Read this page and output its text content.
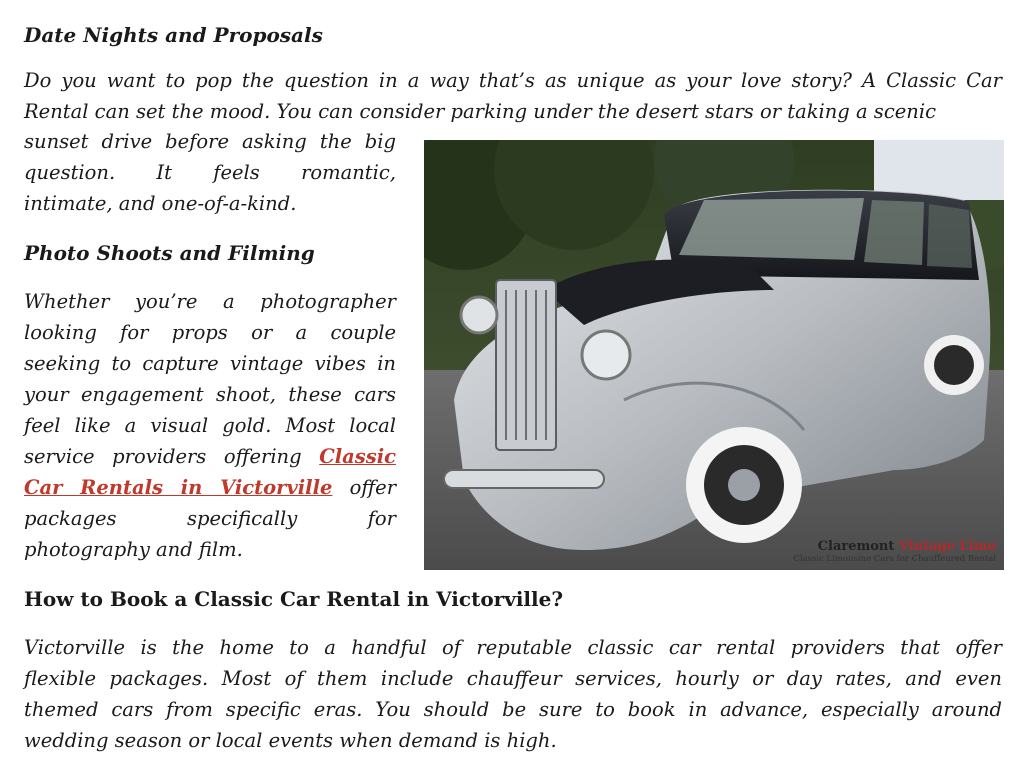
Date Nights and Proposals

Do you want to pop the question in a way that’s as unique as your love story? A Classic Car
Rental can set the mood. You can consider parking under the desert stars or taking a scenic

sunset drive before asking the big
question. It feels romantic,
intimate, and one-of-a-kind.

Photo Shoots and Filming

Whether you’re a photographer
looking for props or a couple
seeking to capture vintage vibes in
your engagement shoot, these cars
feel like a visual gold. Most local
service providers offering Classic
Car Rentals in Victorville offer
packages specifically for
photography and film.	Claremont Vintage Limo
Classic Limousine Cars for Chauffeured Rental
How to Book a Classic Car Rental in Victorville?

Victorville is the home to a handful of reputable classic car rental providers that offer
flexible packages. Most of them include chauffeur services, hourly or day rates, and even
themed cars from specific eras. You should be sure to book in advance, especially around
wedding season or local events when demand is high.
